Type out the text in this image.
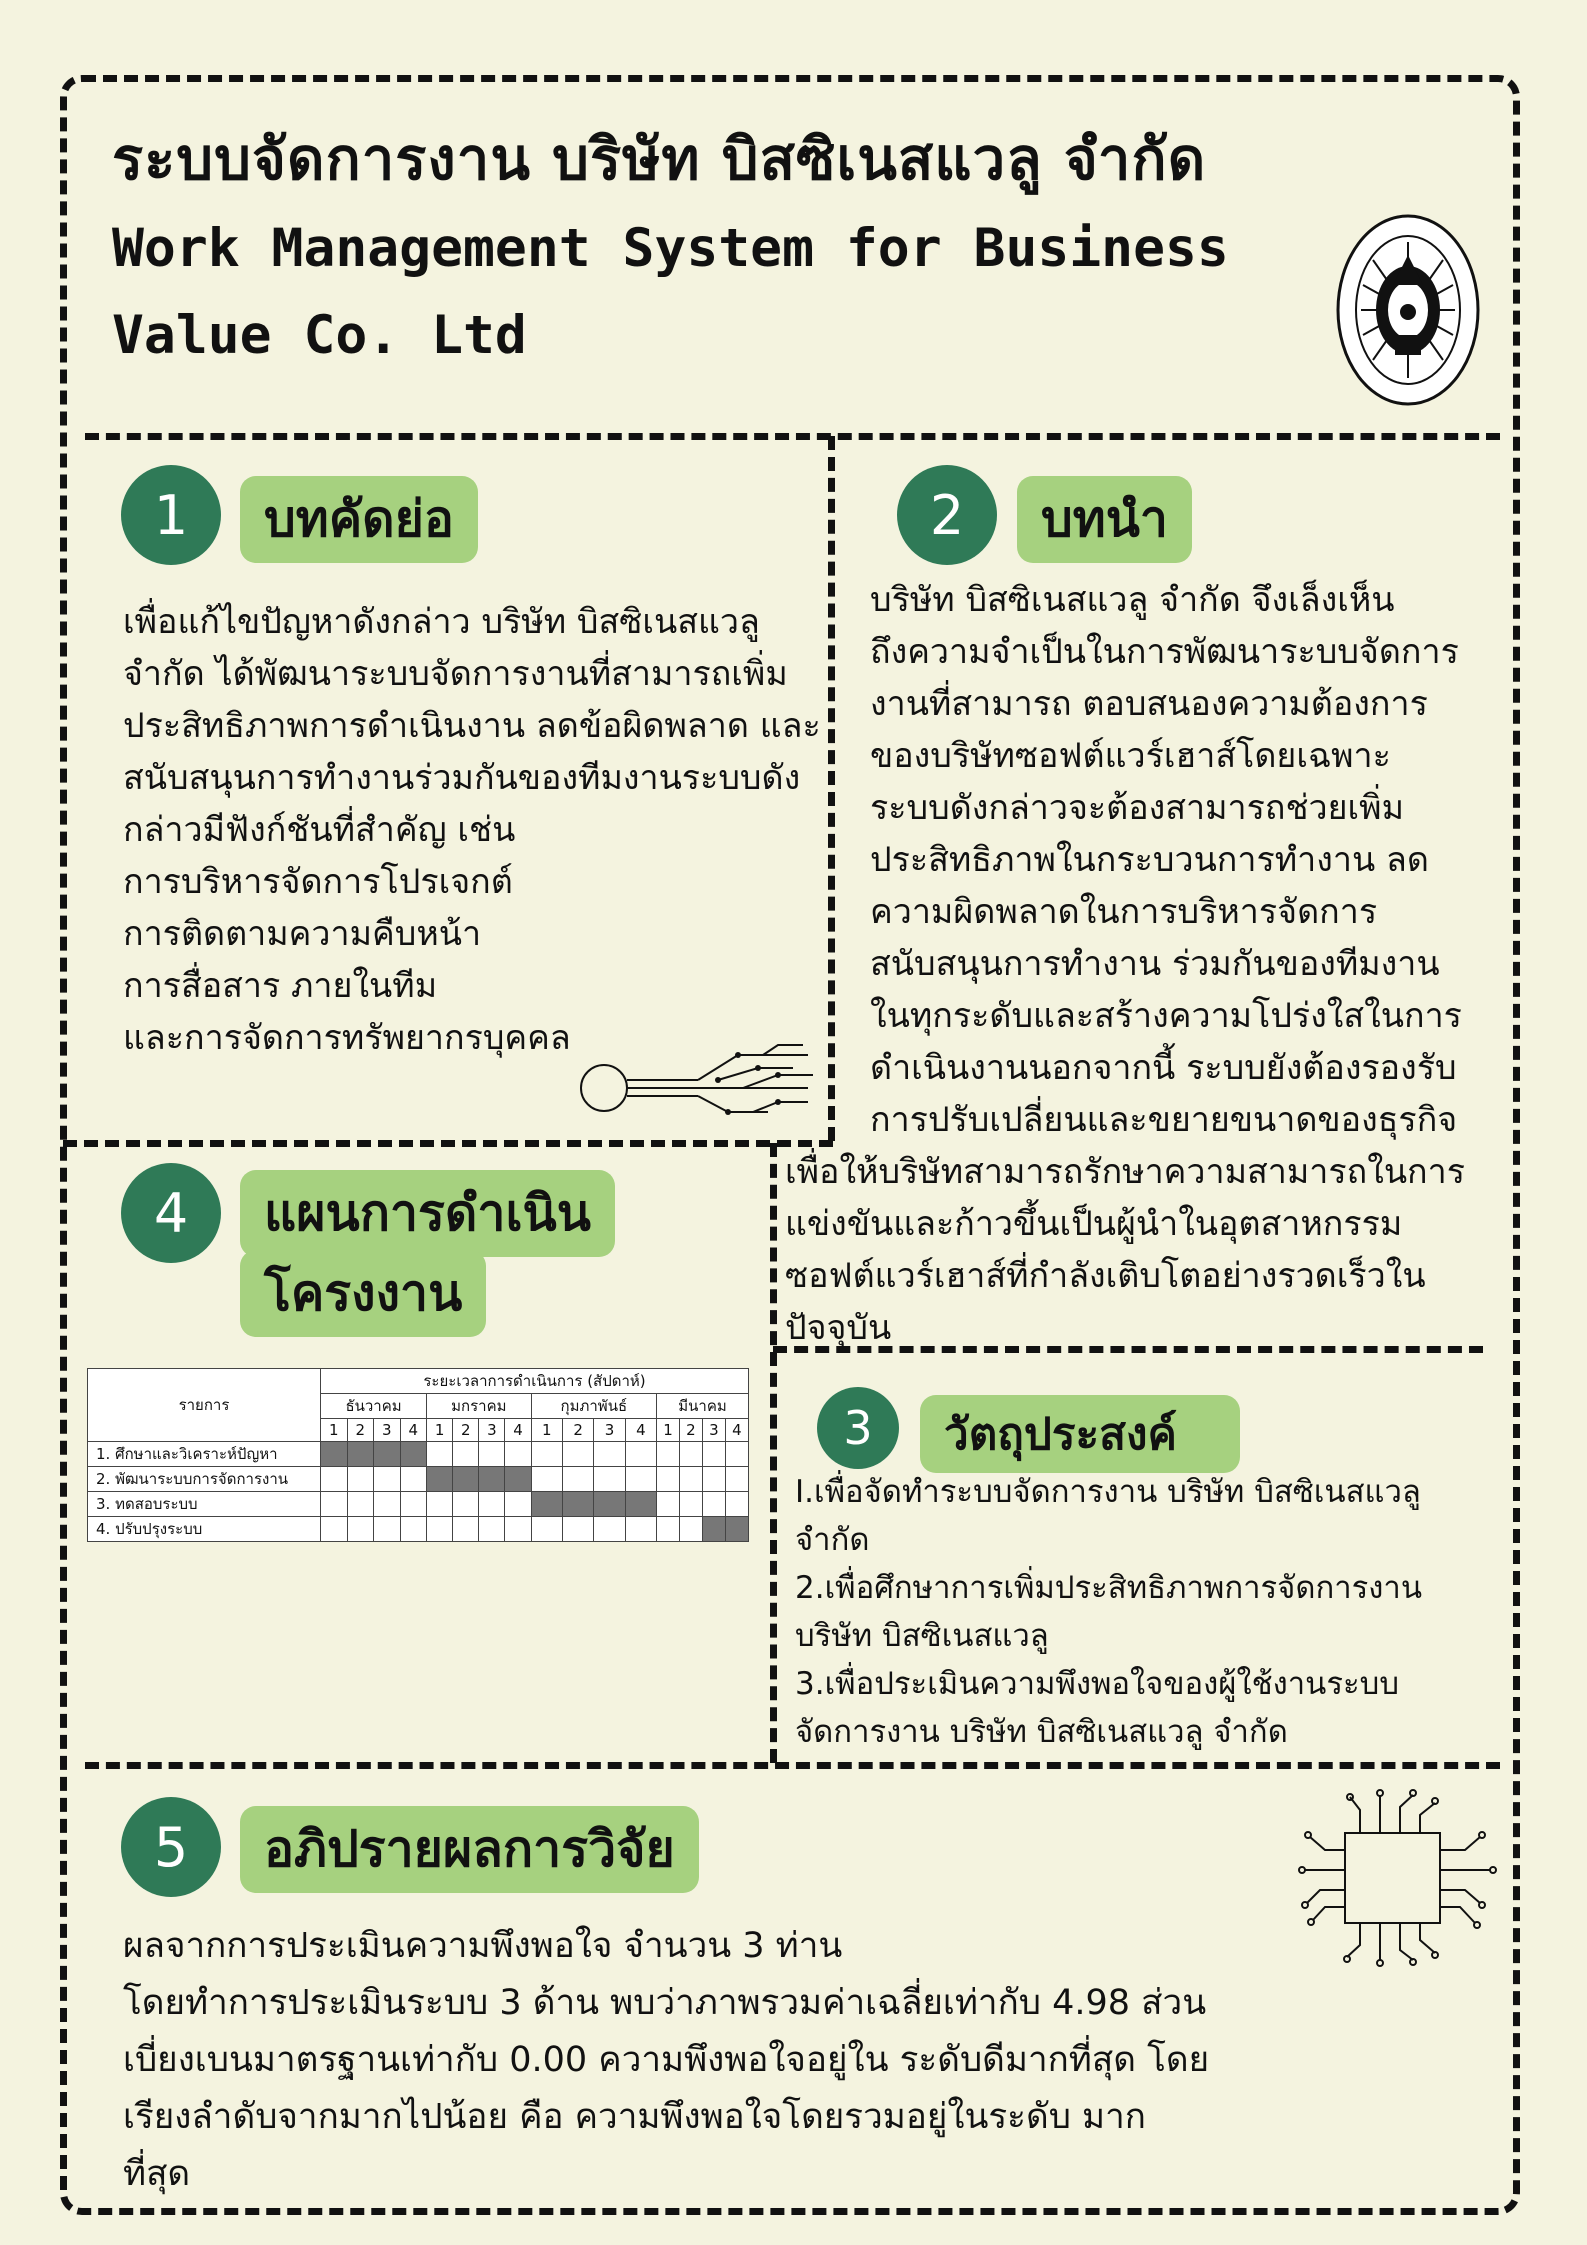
ระบบจัดการงาน บริษัท บิสซิเนสแวลู จำกัด
Work Management System for Business
Value Co. Ltd
1	บทคัดย่อ

เพื่อแก้ไขปัญหาดังกล่าว บริษัท บิสซิเนสแวลู

จำกัด ได้พัฒนาระบบจัดการงานที่สามารถเพิ่ม

ประสิทธิภาพการดำเนินงาน ลดข้อผิดพลาด และ

สนับสนุนการทำงานร่วมกันของทีมงานระบบดัง

กล่าวมีฟังก์ชันที่สำคัญ เช่น

การบริหารจัดการโปรเจกต์

การติดตามความคืบหน้า

การสื่อสาร ภายในทีม

และการจัดการทรัพยากรบุคคล

2	บทนำ

บริษัท บิสซิเนสแวลู จำกัด จึงเล็งเห็น

ถึงความจำเป็นในการพัฒนาระบบจัดการ

งานที่สามารถ ตอบสนองความต้องการ

ของบริษัทซอฟต์แวร์เฮาส์โดยเฉพาะ

ระบบดังกล่าวจะต้องสามารถช่วยเพิ่ม

ประสิทธิภาพในกระบวนการทำงาน ลด

ความผิดพลาดในการบริหารจัดการ

สนับสนุนการทำงาน ร่วมกันของทีมงาน

ในทุกระดับและสร้างความโปร่งใสในการ

ดำเนินงานนอกจากนี้ ระบบยังต้องรองรับ

การปรับเปลี่ยนและขยายขนาดของธุรกิจ

เพื่อให้บริษัทสามารถรักษาความสามารถในการ

แข่งขันและก้าวขึ้นเป็นผู้นำในอุตสาหกรรม

ซอฟต์แวร์เฮาส์ที่กำลังเติบโตอย่างรวดเร็วใน

ปัจจุบัน

4	แผนการดำเนิน
โครงงาน
รายการ	ระยะเวลาการดำเนินการ (สัปดาห์)															
	ธันวาคม				มกราคม				กุมภาพันธ์				มีนาคม			
	1	2	3	4	1	2	3	4	1	2	3	4	1	2	3	4
1. ศึกษาและวิเคราะห์ปัญหา																
2. พัฒนาระบบการจัดการงาน																
3. ทดสอบระบบ																
4. ปรับปรุงระบบ																
3	วัตถุประสงค์

I.เพื่อจัดทำระบบจัดการงาน บริษัท บิสซิเนสแวลู

จำกัด

2.เพื่อศึกษาการเพิ่มประสิทธิภาพการจัดการงาน

บริษัท บิสซิเนสแวลู

3.เพื่อประเมินความพึงพอใจของผู้ใช้งานระบบ

จัดการงาน บริษัท บิสซิเนสแวลู จำกัด

5	อภิปรายผลการวิจัย

ผลจากการประเมินความพึงพอใจ จำนวน 3 ท่าน

โดยทำการประเมินระบบ 3 ด้าน พบว่าภาพรวมค่าเฉลี่ยเท่ากับ 4.98 ส่วน

เบี่ยงเบนมาตรฐานเท่ากับ 0.00 ความพึงพอใจอยู่ใน ระดับดีมากที่สุด โดย

เรียงลำดับจากมากไปน้อย คือ ความพึงพอใจโดยรวมอยู่ในระดับ มาก

ที่สุด
